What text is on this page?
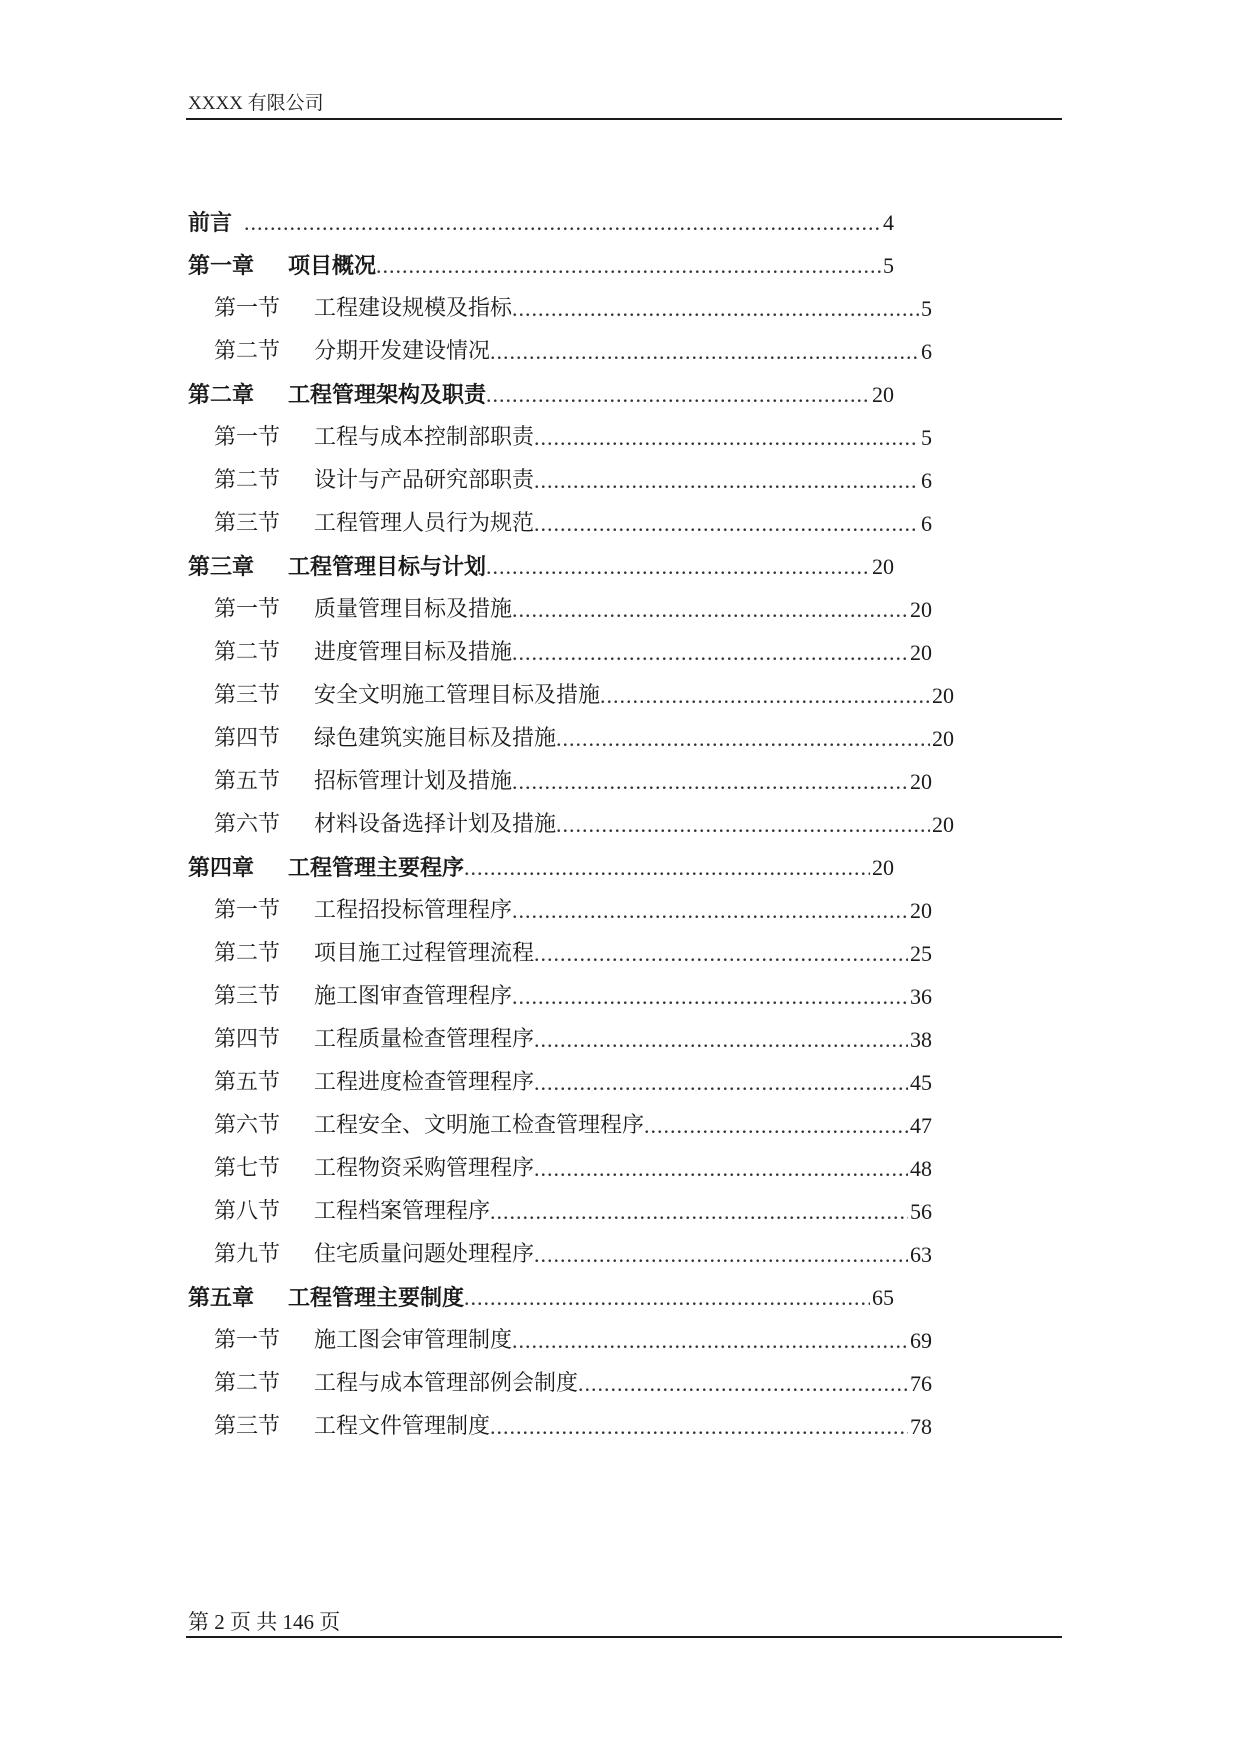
XXXX 有限公司
前言 .....	4
第一章 项目概况 .....	5
第一节 工程建设规模及指标 .....	5
第二节 分期开发建设情况 .....	6
第二章 工程管理架构及职责 .....	20
第一节 工程与成本控制部职责 .....	5
第二节 设计与产品研究部职责 .....	6
第三节 工程管理人员行为规范 .....	6
第三章 工程管理目标与计划 .....	20
第一节 质量管理目标及措施 .....	20
第二节 进度管理目标及措施 .....	20
第三节 安全文明施工管理目标及措施 .....	20
第四节 绿色建筑实施目标及措施 .....	20
第五节 招标管理计划及措施 .....	20
第六节 材料设备选择计划及措施 .....	20
第四章 工程管理主要程序 .....	20
第一节 工程招投标管理程序 .....	20
第二节 项目施工过程管理流程 .....	25
第三节 施工图审查管理程序 .....	36
第四节 工程质量检查管理程序 .....	38
第五节 工程进度检查管理程序 .....	45
第六节 工程安全、文明施工检查管理程序 .....	47
第七节 工程物资采购管理程序 .....	48
第八节 工程档案管理程序 .....	56
第九节 住宅质量问题处理程序 .....	63
第五章 工程管理主要制度 .....	65
第一节 施工图会审管理制度 .....	69
第二节 工程与成本管理部例会制度 .....	76
第三节 工程文件管理制度 .....	78
第 2 页 共 146 页
